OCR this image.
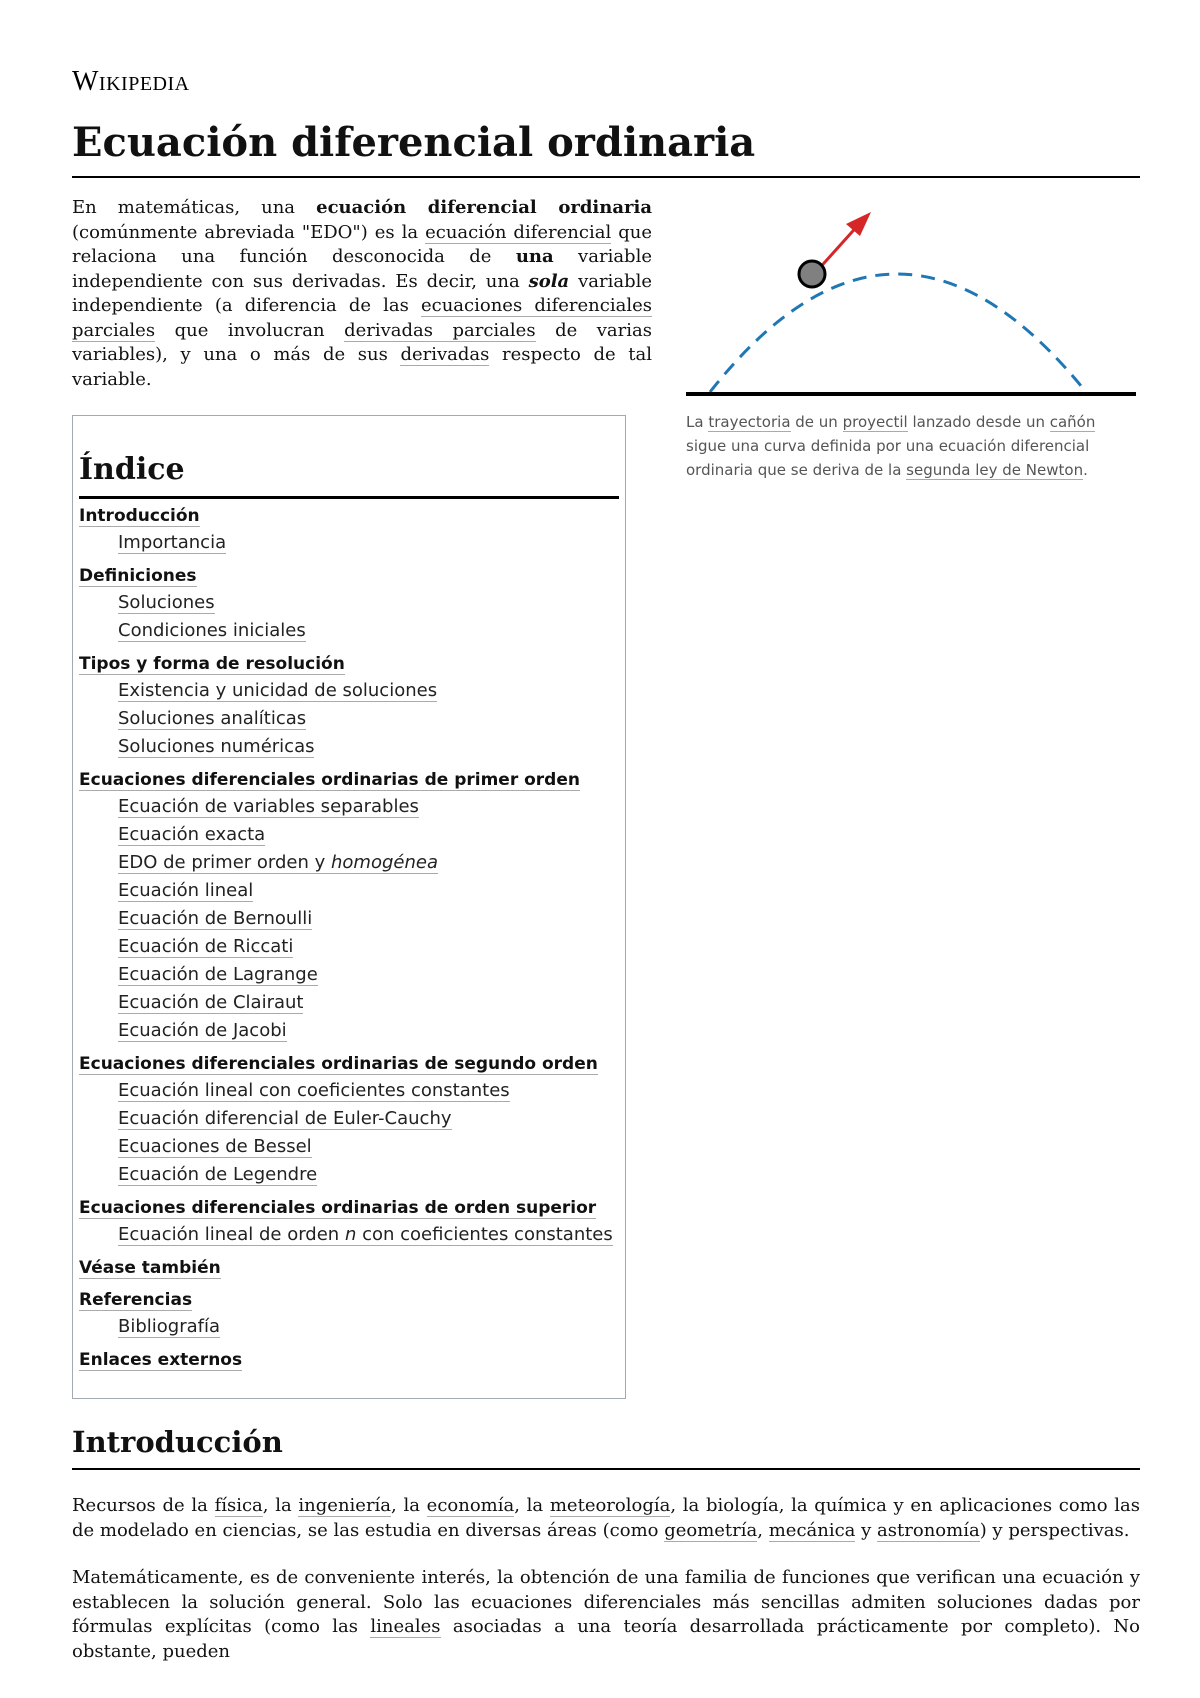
Wikipedia
Ecuación diferencial ordinaria

En matemáticas, una ecuación diferencial ordinaria (comúnmente abreviada "EDO") es la ecuación diferencial que relaciona una función desconocida de una variable independiente con sus derivadas. Es decir, una sola variable independiente (a diferencia de las ecuaciones diferenciales parciales que involucran derivadas parciales de varias variables), y una o más de sus derivadas respecto de tal variable.

La trayectoria de un proyectil lanzado desde un cañón sigue una curva definida por una ecuación diferencial ordinaria que se deriva de la segunda ley de Newton.

Índice
Introducción
Importancia
Definiciones
Soluciones
Condiciones iniciales
Tipos y forma de resolución
Existencia y unicidad de soluciones
Soluciones analíticas
Soluciones numéricas
Ecuaciones diferenciales ordinarias de primer orden
Ecuación de variables separables
Ecuación exacta
EDO de primer orden y homogénea
Ecuación lineal
Ecuación de Bernoulli
Ecuación de Riccati
Ecuación de Lagrange
Ecuación de Clairaut
Ecuación de Jacobi
Ecuaciones diferenciales ordinarias de segundo orden
Ecuación lineal con coeficientes constantes
Ecuación diferencial de Euler-Cauchy
Ecuaciones de Bessel
Ecuación de Legendre
Ecuaciones diferenciales ordinarias de orden superior
Ecuación lineal de orden n con coeficientes constantes
Véase también
Referencias
Bibliografía
Enlaces externos
Introducción

Recursos de la física, la ingeniería, la economía, la meteorología, la biología, la química y en aplicaciones como las de modelado en ciencias, se las estudia en diversas áreas (como geometría, mecánica y astronomía) y perspectivas.

Matemáticamente, es de conveniente interés, la obtención de una familia de funciones que verifican una ecuación y establecen la solución general. Solo las ecuaciones diferenciales más sencillas admiten soluciones dadas por fórmulas explícitas (como las lineales asociadas a una teoría desarrollada prácticamente por completo). No obstante, pueden
